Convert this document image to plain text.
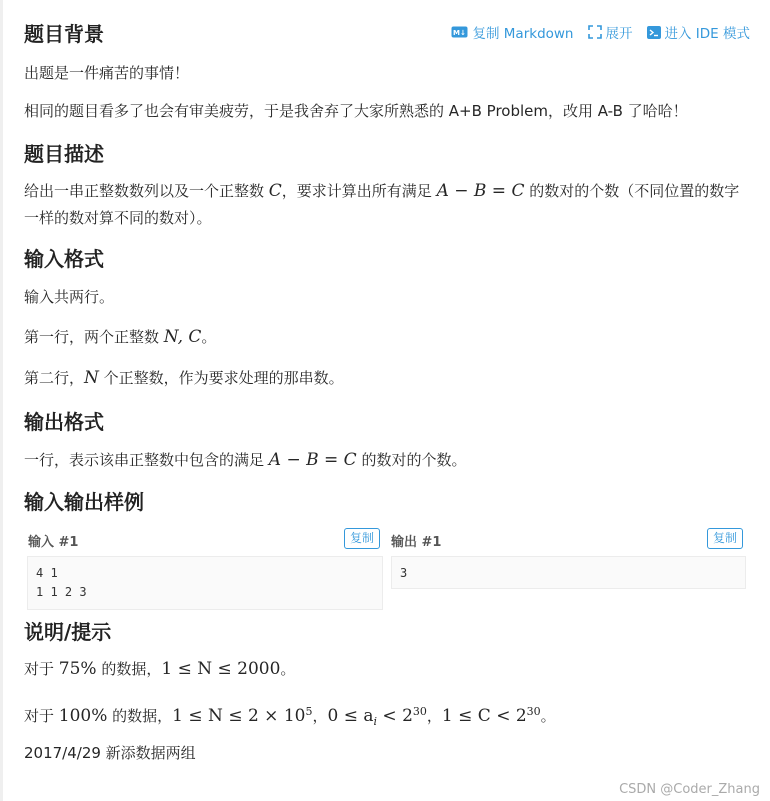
M↓ 复制 Markdown 展开 进入 IDE 模式
题目背景

出题是一件痛苦的事情！

相同的题目看多了也会有审美疲劳，于是我舍弃了大家所熟悉的 A+B Problem，改用 A-B 了哈哈！

题目描述

给出一串正整数数列以及一个正整数 C，要求计算出所有满足 A − B = C 的数对的个数（不同位置的数字一样的数对算不同的数对）。

输入格式

输入共两行。

第一行，两个正整数 N, C。

第二行，N 个正整数，作为要求处理的那串数。

输出格式

一行，表示该串正整数中包含的满足 A − B = C 的数对的个数。

输入输出样例
输入 #1	复制
4 1
1 1 2 3
输出 #1	复制
3
说明/提示

对于 75% 的数据，1 ≤ N ≤ 2000。

对于 100% 的数据，$1 \le N \le 2 \times 10^5$，$0 \le a_i < 2^{30}$，$1 \le C < 2^{30}$。

2017/4/29 新添数据两组

CSDN @Coder_Zhang
